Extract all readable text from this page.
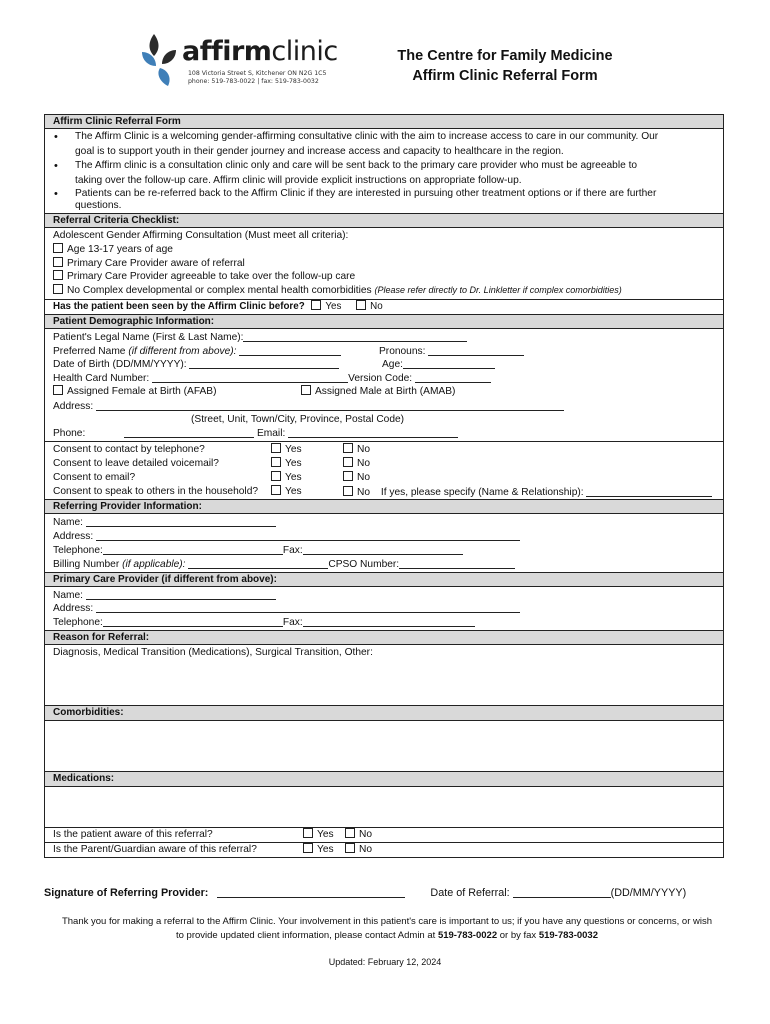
affirmclinic
108 Victoria Street S, Kitchener ON N2G 1C5
phone: 519-783-0022 | fax: 519-783-0032
The Centre for Family Medicine
Affirm Clinic Referral Form
Affirm Clinic Referral Form
• The Affirm Clinic is a welcoming gender-affirming consultative clinic with the aim to increase access to care in our community. Our
goal is to support youth in their gender journey and increase access and capacity to healthcare in the region.
• The Affirm clinic is a consultation clinic only and care will be sent back to the primary care provider who must be agreeable to
taking over the follow-up care. Affirm clinic will provide explicit instructions on appropriate follow-up.
• Patients can be re-referred back to the Affirm Clinic if they are interested in pursuing other treatment options or if there are further
questions.
Referral Criteria Checklist:
Adolescent Gender Affirming Consultation (Must meet all criteria):
Age 13-17 years of age
Primary Care Provider aware of referral
Primary Care Provider agreeable to take over the follow-up care
No Complex developmental or complex mental health comorbidities (Please refer directly to Dr. Linkletter if complex comorbidities)
Has the patient been seen by the Affirm Clinic before? Yes	No
Patient Demographic Information:
Patient's Legal Name (First & Last Name):
Preferred Name (if different from above):	Pronouns:
Date of Birth (DD/MM/YYYY):	Age:
Health Card Number:	Version Code:
Assigned Female at Birth (AFAB)	Assigned Male at Birth (AMAB)
Address:
(Street, Unit, Town/City, Province, Postal Code)
Phone:	Email:
Consent to contact by telephone?	Yes	No
Consent to leave detailed voicemail?	Yes	No
Consent to email?	Yes	No
Consent to speak to others in the household?	Yes	No If yes, please specify (Name & Relationship):
Referring Provider Information:
Name:
Address:
Telephone:	Fax:
Billing Number (if applicable):	CPSO Number:
Primary Care Provider (if different from above):
Name:
Address:
Telephone:	Fax:
Reason for Referral:
Diagnosis, Medical Transition (Medications), Surgical Transition, Other:
Comorbidities:
Medications:
Is the patient aware of this referral?	Yes	No
Is the Parent/Guardian aware of this referral?	Yes	No
Signature of Referring Provider:	Date of Referral:	(DD/MM/YYYY)
Thank you for making a referral to the Affirm Clinic. Your involvement in this patient's care is important to us; if you have any questions or concerns, or wish
to provide updated client information, please contact Admin at 519-783-0022 or by fax 519-783-0032
Updated: February 12, 2024
